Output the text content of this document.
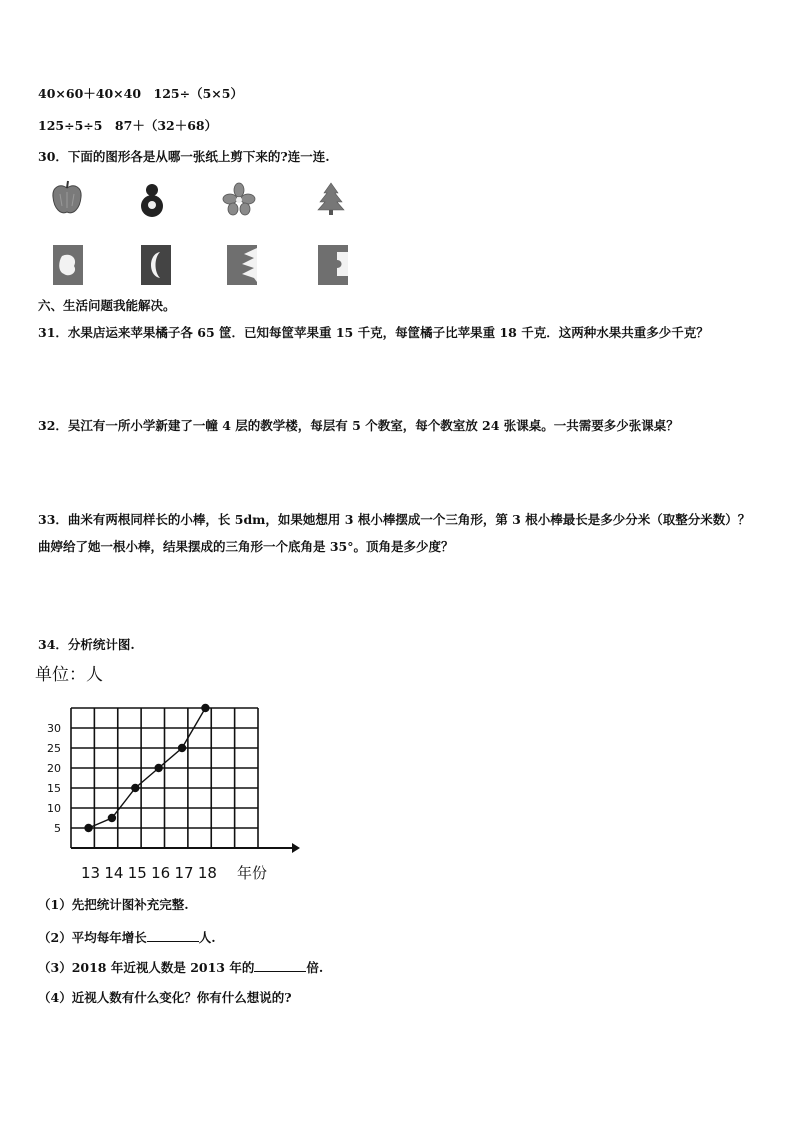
40×60＋40×40　125÷（5×5）
125÷5÷5　87＋（32＋68）
30．下面的图形各是从哪一张纸上剪下来的?连一连.
六、生活问题我能解决。
31．水果店运来苹果橘子各 65 筐．已知每筐苹果重 15 千克，每筐橘子比苹果重 18 千克．这两种水果共重多少千克？
32．吴江有一所小学新建了一幢 4 层的教学楼，每层有 5 个教室，每个教室放 24 张课桌。一共需要多少张课桌？
33．曲米有两根同样长的小棒，长 5dm，如果她想用 3 根小棒摆成一个三角形，第 3 根小棒最长是多少分米（取整分米数）？曲婷给了她一根小棒，结果摆成的三角形一个底角是 35°。顶角是多少度？
34．分析统计图.
单位：人
5
10
15
20
25
30
13 14 15 16 17 18 年份
（1）先把统计图补充完整.
（2）平均每年增长	人.
（3）2018 年近视人数是 2013 年的	倍.
（4）近视人数有什么变化？你有什么想说的?
